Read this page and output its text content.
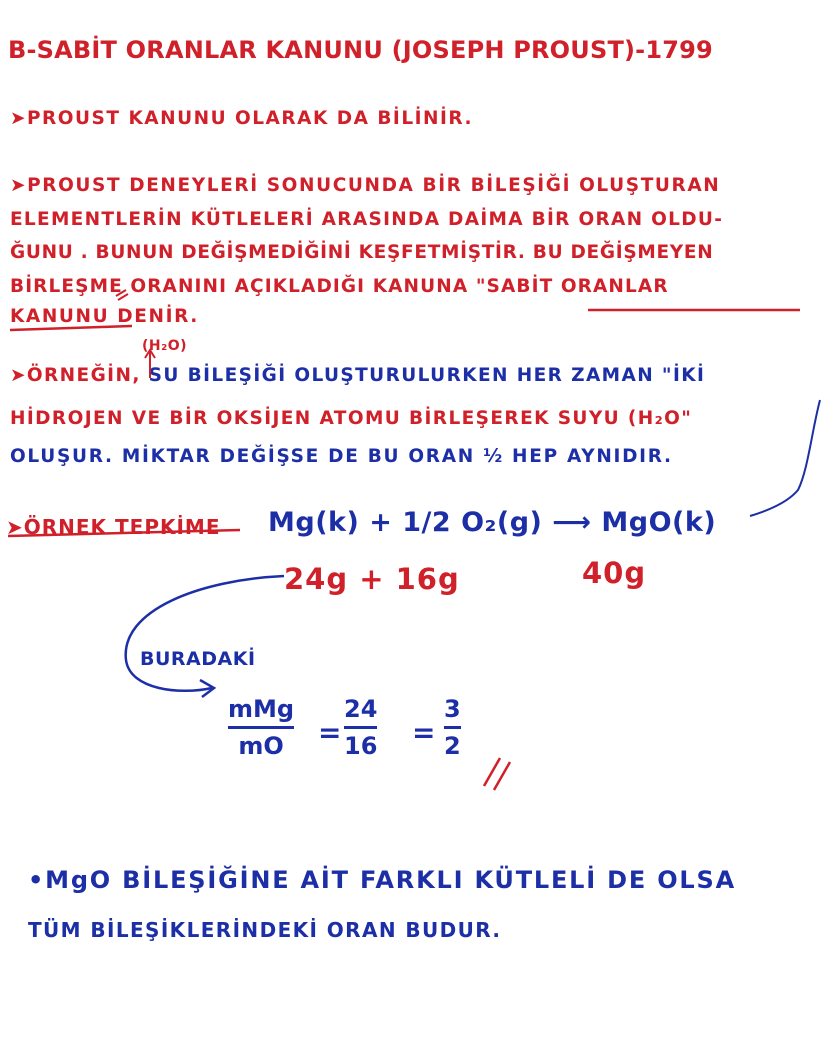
B-SABİT ORANLAR KANUNU (JOSEPH PROUST)-1799
➤PROUST KANUNU OLARAK DA BİLİNİR.
➤PROUST DENEYLERİ SONUCUNDA BİR BİLEŞİĞİ OLUŞTURAN
ELEMENTLERİN KÜTLELERİ ARASINDA DAİMA BİR ORAN OLDU-
ĞUNU . BUNUN DEĞİŞMEDİĞİNİ KEŞFETMİŞTİR. BU DEĞİŞMEYEN
BİRLEŞME ORANINI AÇIKLADIĞI KANUNA "SABİT ORANLAR
KANUNU DENİR.
(H₂O)
➤ÖRNEĞİN, SU BİLEŞİĞİ OLUŞTURULURKEN HER ZAMAN "İKİ
HİDROJEN VE BİR OKSİJEN ATOMU BİRLEŞEREK SUYU (H₂O"
OLUŞUR. MİKTAR DEĞİŞSE DE BU ORAN ½ HEP AYNIDIR.
➤ÖRNEK TEPKİME Mg(k) + 1/2 O₂(g) ⟶ MgO(k)
24g + 16g	40g
BURADAKİ
mMg
mO =
24
16 =
3
2
•MgO BİLEŞİĞİNE AİT FARKLI KÜTLELİ DE OLSA
TÜM BİLEŞİKLERİNDEKİ ORAN BUDUR.
